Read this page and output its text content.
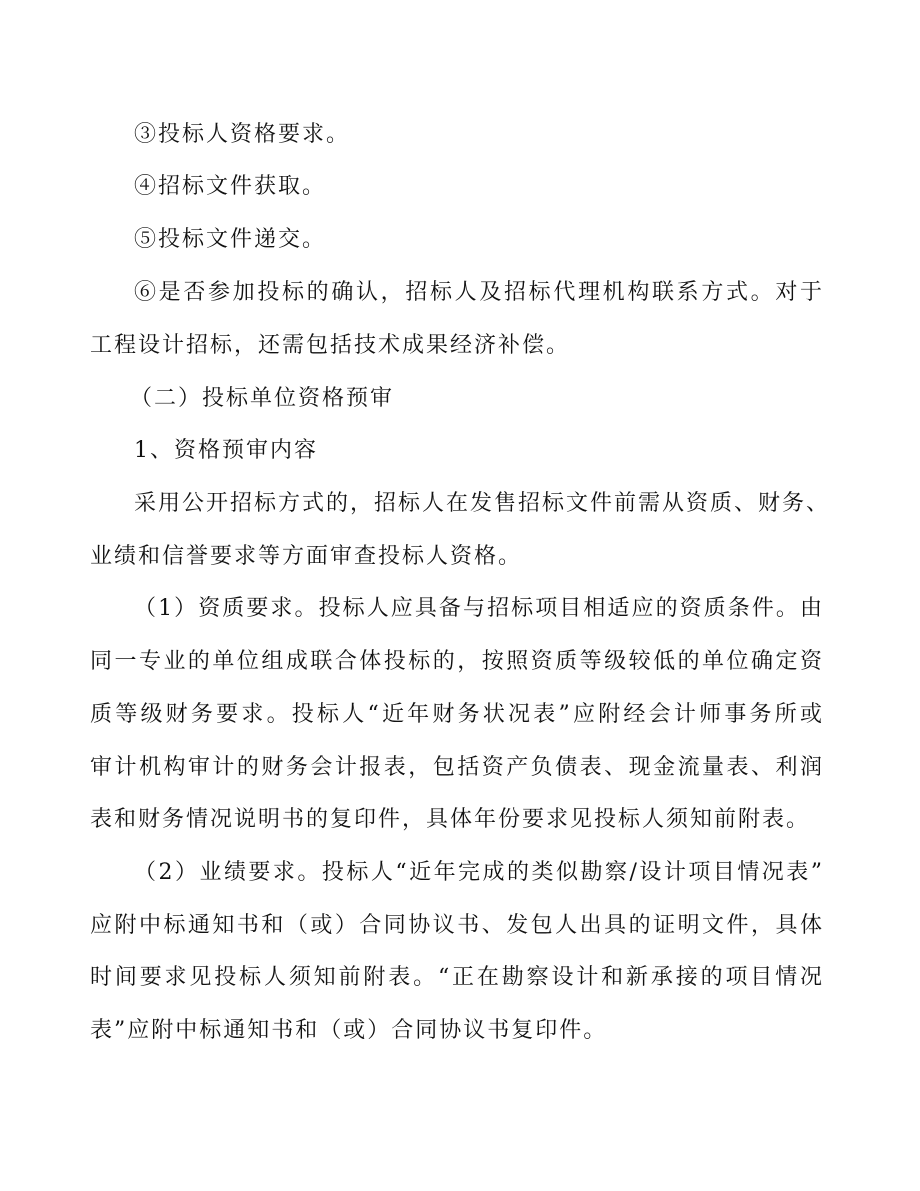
③投标人资格要求。
④招标文件获取。
⑤投标文件递交。
⑥是否参加投标的确认，招标人及招标代理机构联系方式。对于
工程设计招标，还需包括技术成果经济补偿。
（二）投标单位资格预审
1、资格预审内容
采用公开招标方式的，招标人在发售招标文件前需从资质、财务、
业绩和信誉要求等方面审查投标人资格。
（1）资质要求。投标人应具备与招标项目相适应的资质条件。由
同一专业的单位组成联合体投标的，按照资质等级较低的单位确定资
质等级财务要求。投标人“近年财务状况表”应附经会计师事务所或
审计机构审计的财务会计报表，包括资产负债表、现金流量表、利润
表和财务情况说明书的复印件，具体年份要求见投标人须知前附表。
（2）业绩要求。投标人“近年完成的类似勘察/设计项目情况表”
应附中标通知书和（或）合同协议书、发包人出具的证明文件，具体
时间要求见投标人须知前附表。“正在勘察设计和新承接的项目情况
表”应附中标通知书和（或）合同协议书复印件。
